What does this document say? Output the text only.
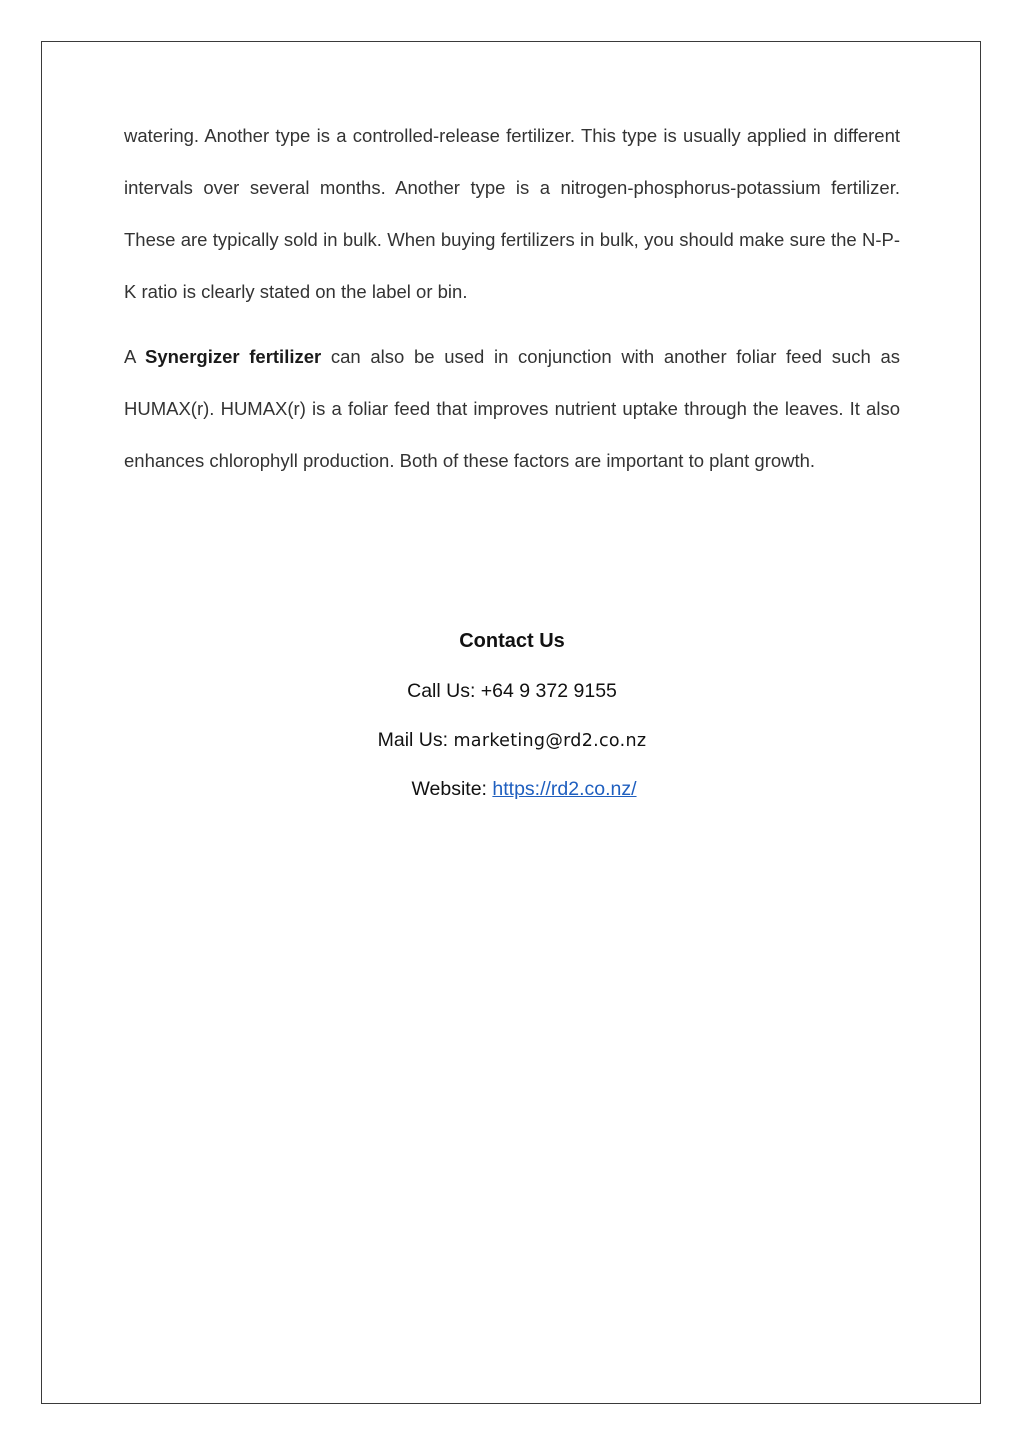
watering. Another type is a controlled-release fertilizer. This type is usually applied in different intervals over several months. Another type is a nitrogen-phosphorus-potassium fertilizer. These are typically sold in bulk. When buying fertilizers in bulk, you should make sure the N-P-K ratio is clearly stated on the label or bin.

A Synergizer fertilizer can also be used in conjunction with another foliar feed such as HUMAX(r). HUMAX(r) is a foliar feed that improves nutrient uptake through the leaves. It also enhances chlorophyll production. Both of these factors are important to plant growth.

Contact Us

Call Us: +64 9 372 9155

Mail Us: marketing@rd2.co.nz

Website: https://rd2.co.nz/
